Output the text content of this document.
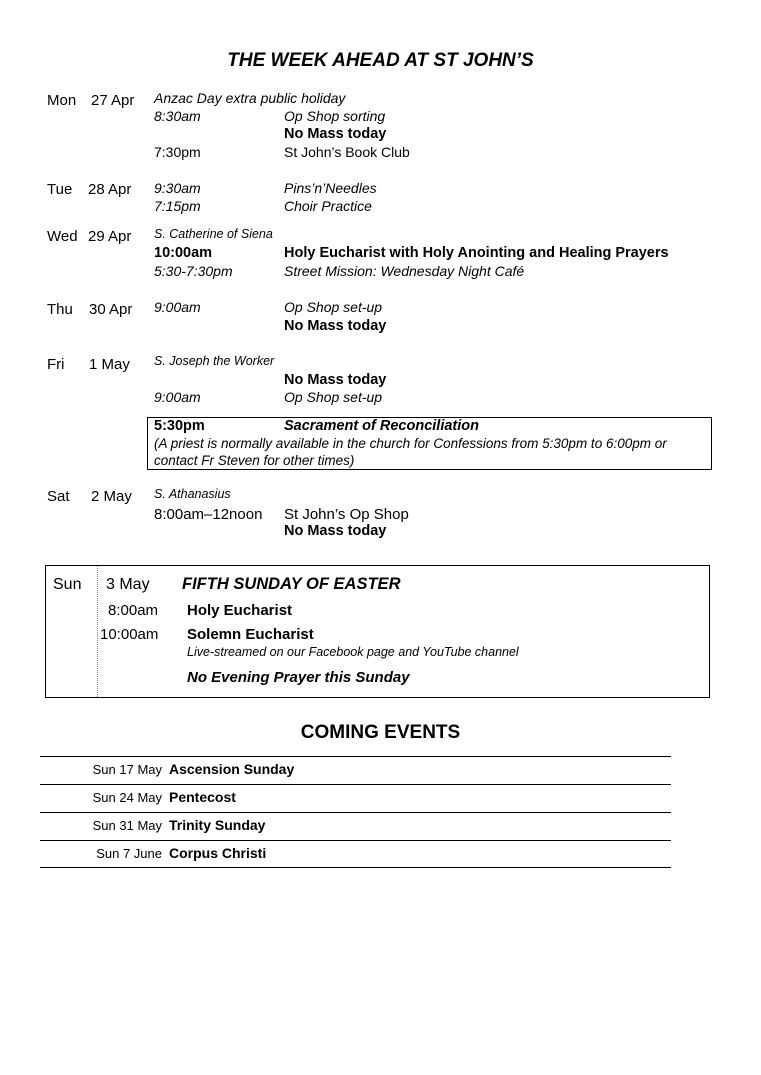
THE WEEK AHEAD AT ST JOHN’S
Mon 27 Apr Anzac Day extra public holiday
8:30am	Op Shop sorting
No Mass today
7:30pm	St John’s Book Club
Tue 28 Apr 9:30am	Pins’n’Needles
7:15pm	Choir Practice
Wed 29 Apr S. Catherine of Siena
10:00am	Holy Eucharist with Holy Anointing and Healing Prayers
5:30-7:30pm	Street Mission: Wednesday Night Café
Thu 30 Apr 9:00am	Op Shop set-up
No Mass today
Fri 1 May S. Joseph the Worker
No Mass today
9:00am	Op Shop set-up
5:30pm	Sacrament of Reconciliation
(A priest is normally available in the church for Confessions from 5:30pm to 6:00pm or
contact Fr Steven for other times)
Sat 2 May S. Athanasius
8:00am–12noon St John’s Op Shop
No Mass today
Sun 3 May FIFTH SUNDAY OF EASTER
8:00am Holy Eucharist
10:00am Solemn Eucharist
Live-streamed on our Facebook page and YouTube channel
No Evening Prayer this Sunday
COMING EVENTS
Sun 17 May Ascension Sunday
Sun 24 May Pentecost
Sun 31 May Trinity Sunday
Sun 7 June Corpus Christi
